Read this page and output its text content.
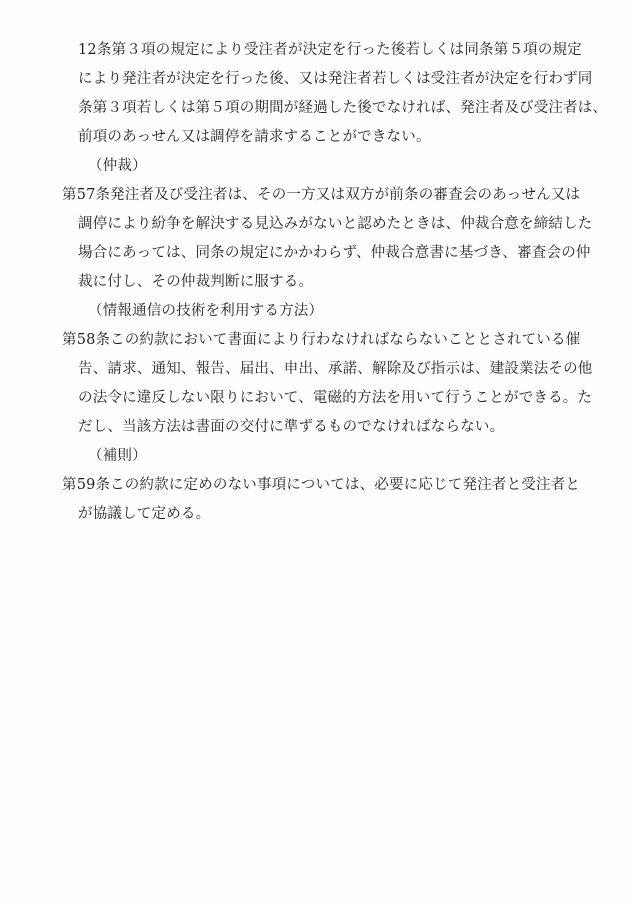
12条第３項の規定により受注者が決定を行った後若しくは同条第５項の規定
により発注者が決定を行った後、又は発注者若しくは受注者が決定を行わず同
条第３項若しくは第５項の期間が経過した後でなければ、発注者及び受注者は、
前項のあっせん又は調停を請求することができない。
（仲裁）
第57条発注者及び受注者は、その一方又は双方が前条の審査会のあっせん又は
調停により紛争を解決する見込みがないと認めたときは、仲裁合意を締結した
場合にあっては、同条の規定にかかわらず、仲裁合意書に基づき、審査会の仲
裁に付し、その仲裁判断に服する。
（情報通信の技術を利用する方法）
第58条この約款において書面により行わなければならないこととされている催
告、請求、通知、報告、届出、申出、承諾、解除及び指示は、建設業法その他
の法令に違反しない限りにおいて、電磁的方法を用いて行うことができる。た
だし、当該方法は書面の交付に準ずるものでなければならない。
（補則）
第59条この約款に定めのない事項については、必要に応じて発注者と受注者と
が協議して定める。
